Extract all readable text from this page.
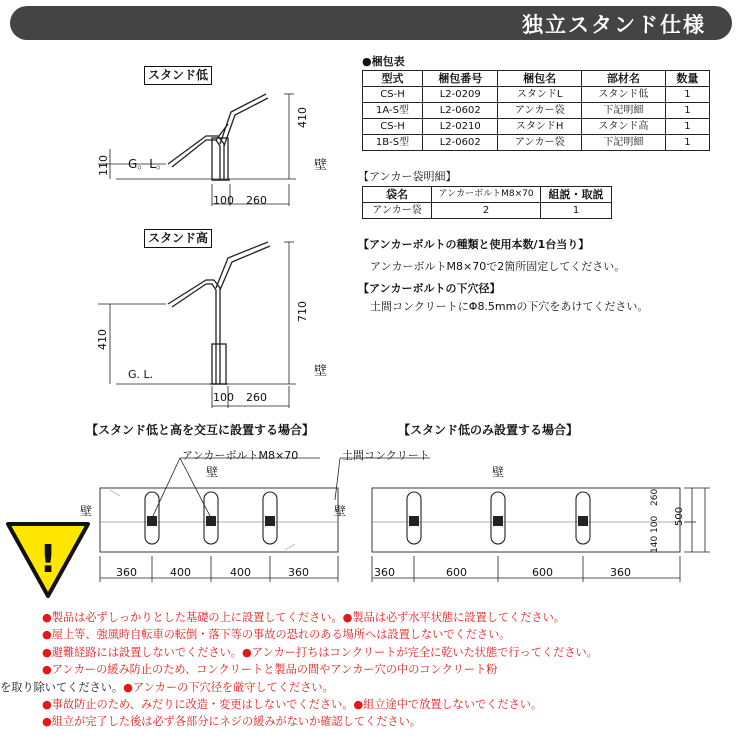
独立スタンド仕様
スタンド低
410
110 G。L。	壁
100 260
スタンド高
710
410
G. L.	壁
100 260
●梱包表
型式	梱包番号	梱包名	部材名	数量
CS-H	L2-0209	スタンドL	スタンド低	1
1A-S型	L2-0602	アンカー袋	下記明細	1
CS-H	L2-0210	スタンドH	スタンド高	1
1B-S型	L2-0602	アンカー袋	下記明細	1
【アンカー袋明細】
袋名	アンカーボルトM8×70	組説・取説
アンカー袋	2	1
【アンカーボルトの種類と使用本数/1台当り】
アンカーボルトM8×70で2箇所固定してください。
【アンカーボルトの下穴径】
土間コンクリートにΦ8.5mmの下穴をあけてください。
【スタンド低と高を交互に設置する場合】	【スタンド低のみ設置する場合】
アンカーボルトM8×70	土間コンクリート
壁
壁
壁
壁
360	400	400	360	360	600	600	360
260
100
140
500
!
●製品は必ずしっかりとした基礎の上に設置してください。●製品は必ず水平状態に設置してください。
●屋上等、強風時自転車の転倒・落下等の事故の恐れのある場所へは設置しないでください。
●避難経路には設置しないでください。●アンカー打ちはコンクリートが完全に乾いた状態で行ってください。
●アンカーの緩み防止のため、コンクリートと製品の間やアンカー穴の中のコンクリート粉
を取り除いてください。●アンカーの下穴径を厳守してください。
●事故防止のため、みだりに改造・変更はしないでください。●組立途中で放置しないでください。
●組立が完了した後は必ず各部分にネジの緩みがないか確認してください。
